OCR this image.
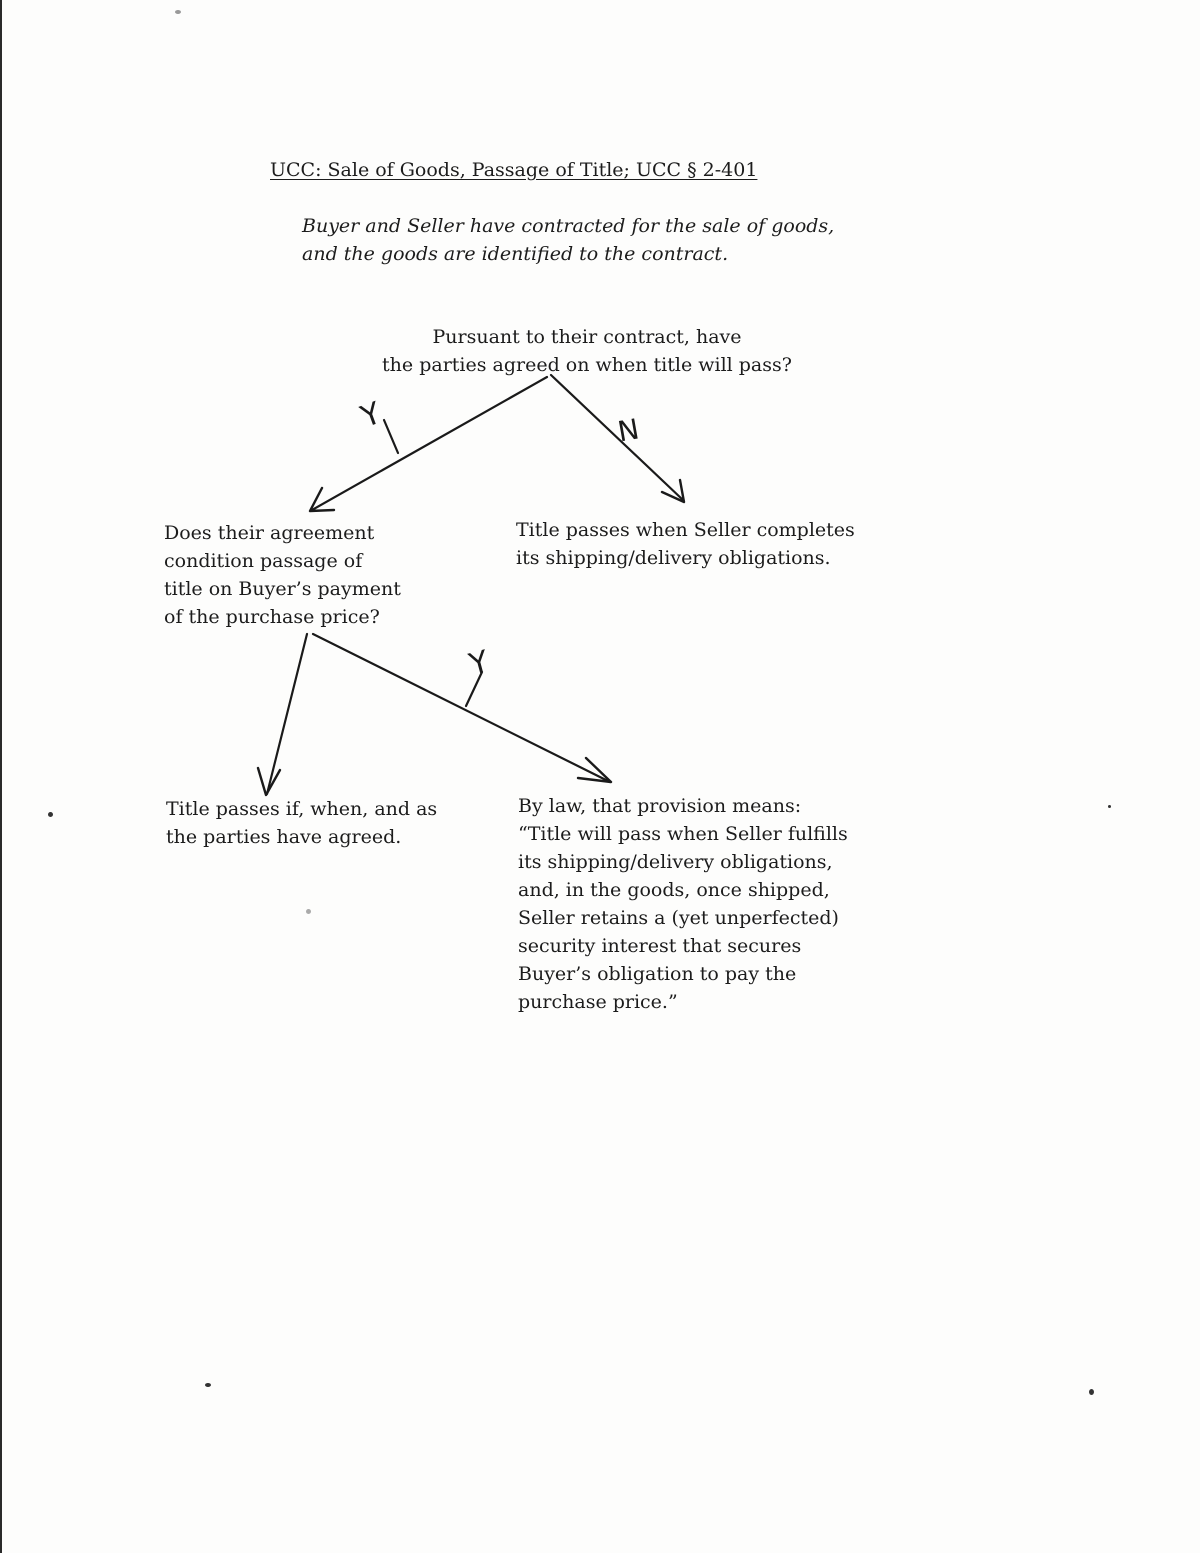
UCC: Sale of Goods, Passage of Title; UCC § 2-401

Buyer and Seller have contracted for the sale of goods,
and the goods are identified to the contract.

Pursuant to their contract, have
the parties agreed on when title will pass?

Does their agreement
condition passage of
title on Buyer’s payment
of the purchase price?

Title passes when Seller completes
its shipping/delivery obligations.

Title passes if, when, and as
the parties have agreed.

By law, that provision means:
“Title will pass when Seller fulfills
its shipping/delivery obligations,
and, in the goods, once shipped,
Seller retains a (yet unperfected)
security interest that secures
Buyer’s obligation to pay the
purchase price.”

Y	N
Y
